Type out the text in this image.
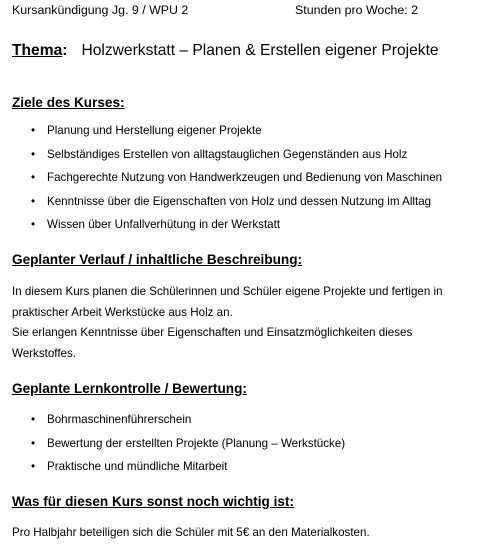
Kursankündigung Jg. 9 / WPU 2	Stunden pro Woche: 2
Thema: Holzwerkstatt – Planen & Erstellen eigener Projekte
Ziele des Kurses:
• Planung und Herstellung eigener Projekte
• Selbständiges Erstellen von alltagstauglichen Gegenständen aus Holz
• Fachgerechte Nutzung von Handwerkzeugen und Bedienung von Maschinen
• Kenntnisse über die Eigenschaften von Holz und dessen Nutzung im Alltag
• Wissen über Unfallverhütung in der Werkstatt
Geplanter Verlauf / inhaltliche Beschreibung:

In diesem Kurs planen die Schülerinnen und Schüler eigene Projekte und fertigen in

praktischer Arbeit Werkstücke aus Holz an.

Sie erlangen Kenntnisse über Eigenschaften und Einsatzmöglichkeiten dieses

Werkstoffes.

Geplante Lernkontrolle / Bewertung:
• Bohrmaschinenführerschein
• Bewertung der erstellten Projekte (Planung – Werkstücke)
• Praktische und mündliche Mitarbeit
Was für diesen Kurs sonst noch wichtig ist:

Pro Halbjahr beteiligen sich die Schüler mit 5€ an den Materialkosten.
